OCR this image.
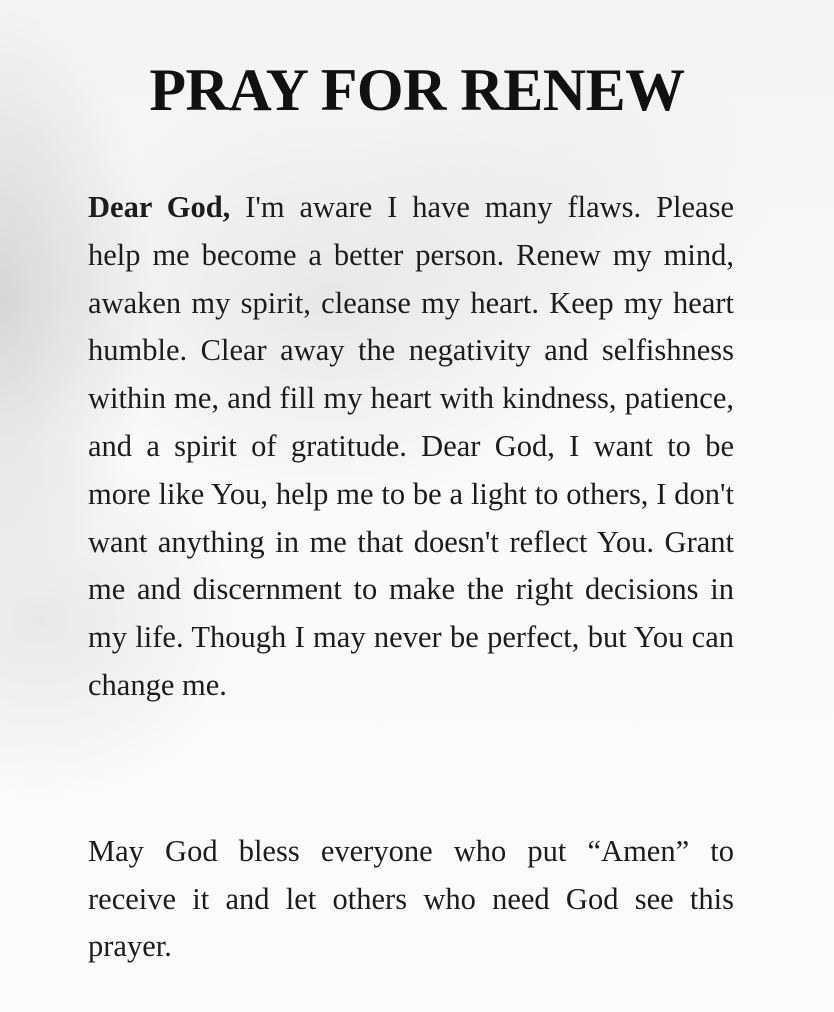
PRAY FOR RENEW

Dear God, I'm aware I have many flaws. Please help me become a better person. Renew my mind, awaken my spirit, cleanse my heart. Keep my heart humble. Clear away the negativity and selfishness within me, and fill my heart with kindness, patience, and a spirit of gratitude. Dear God, I want to be more like You, help me to be a light to others, I don't want anything in me that doesn't reflect You. Grant me and discernment to make the right decisions in my life. Though I may never be perfect, but You can change me.

May God bless everyone who put “Amen” to receive it and let others who need God see this prayer.
